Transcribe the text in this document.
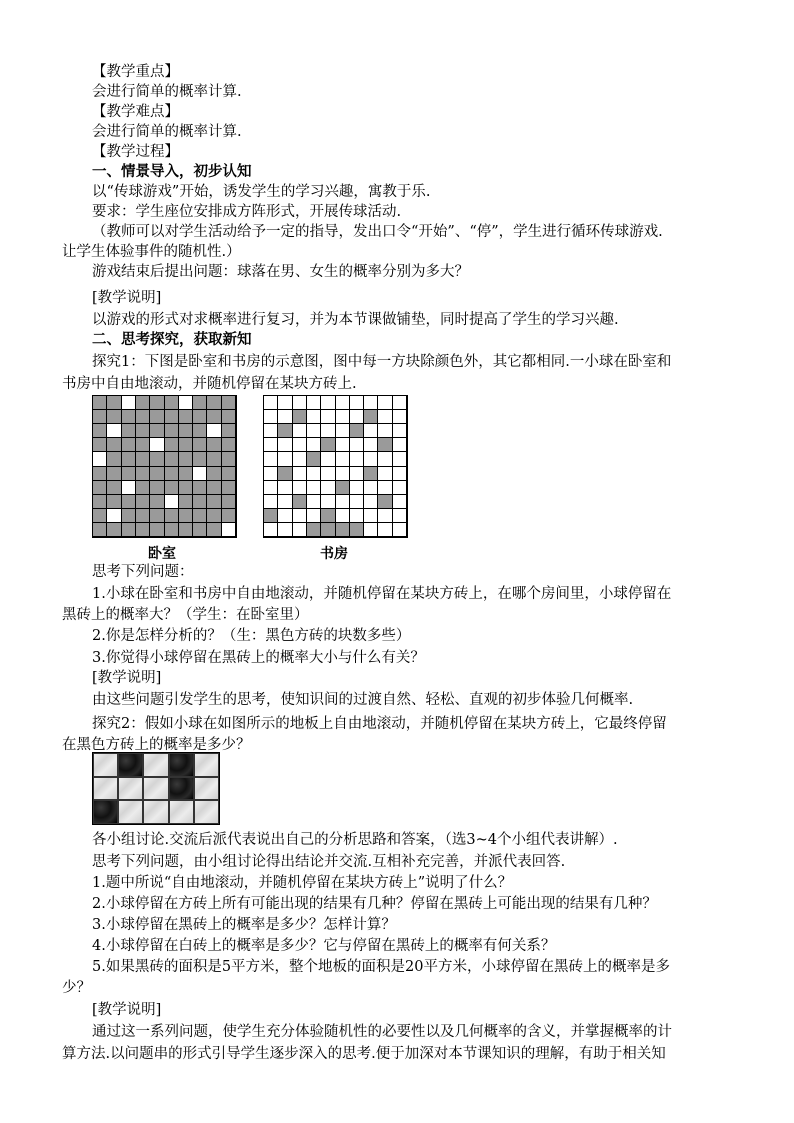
【教学重点】
会进行简单的概率计算.
【教学难点】
会进行简单的概率计算.
【教学过程】
一、情景导入，初步认知
以“传球游戏”开始，诱发学生的学习兴趣，寓教于乐.
要求：学生座位安排成方阵形式，开展传球活动.
（教师可以对学生活动给予一定的指导，发出口令“开始”、“停”，学生进行循环传球游戏.
让学生体验事件的随机性.）
游戏结束后提出问题：球落在男、女生的概率分别为多大？
[教学说明]
以游戏的形式对求概率进行复习，并为本节课做铺垫，同时提高了学生的学习兴趣.
二、思考探究，获取新知
探究1：下图是卧室和书房的示意图，图中每一方块除颜色外，其它都相同.一小球在卧室和
书房中自由地滚动，并随机停留在某块方砖上.
卧室	书房
思考下列问题：
1.小球在卧室和书房中自由地滚动，并随机停留在某块方砖上，在哪个房间里，小球停留在
黑砖上的概率大？（学生：在卧室里）
2.你是怎样分析的？（生：黑色方砖的块数多些）
3.你觉得小球停留在黑砖上的概率大小与什么有关？
[教学说明]
由这些问题引发学生的思考，使知识间的过渡自然、轻松、直观的初步体验几何概率.
探究2：假如小球在如图所示的地板上自由地滚动，并随机停留在某块方砖上，它最终停留
在黑色方砖上的概率是多少？
各小组讨论.交流后派代表说出自己的分析思路和答案，（选3~4个小组代表讲解）.
思考下列问题，由小组讨论得出结论并交流.互相补充完善，并派代表回答.
1.题中所说“自由地滚动，并随机停留在某块方砖上”说明了什么？
2.小球停留在方砖上所有可能出现的结果有几种？停留在黑砖上可能出现的结果有几种？
3.小球停留在黑砖上的概率是多少？怎样计算？
4.小球停留在白砖上的概率是多少？它与停留在黑砖上的概率有何关系？
5.如果黑砖的面积是5平方米，整个地板的面积是20平方米，小球停留在黑砖上的概率是多
少？
[教学说明]
通过这一系列问题，使学生充分体验随机性的必要性以及几何概率的含义，并掌握概率的计
算方法.以问题串的形式引导学生逐步深入的思考.便于加深对本节课知识的理解，有助于相关知
